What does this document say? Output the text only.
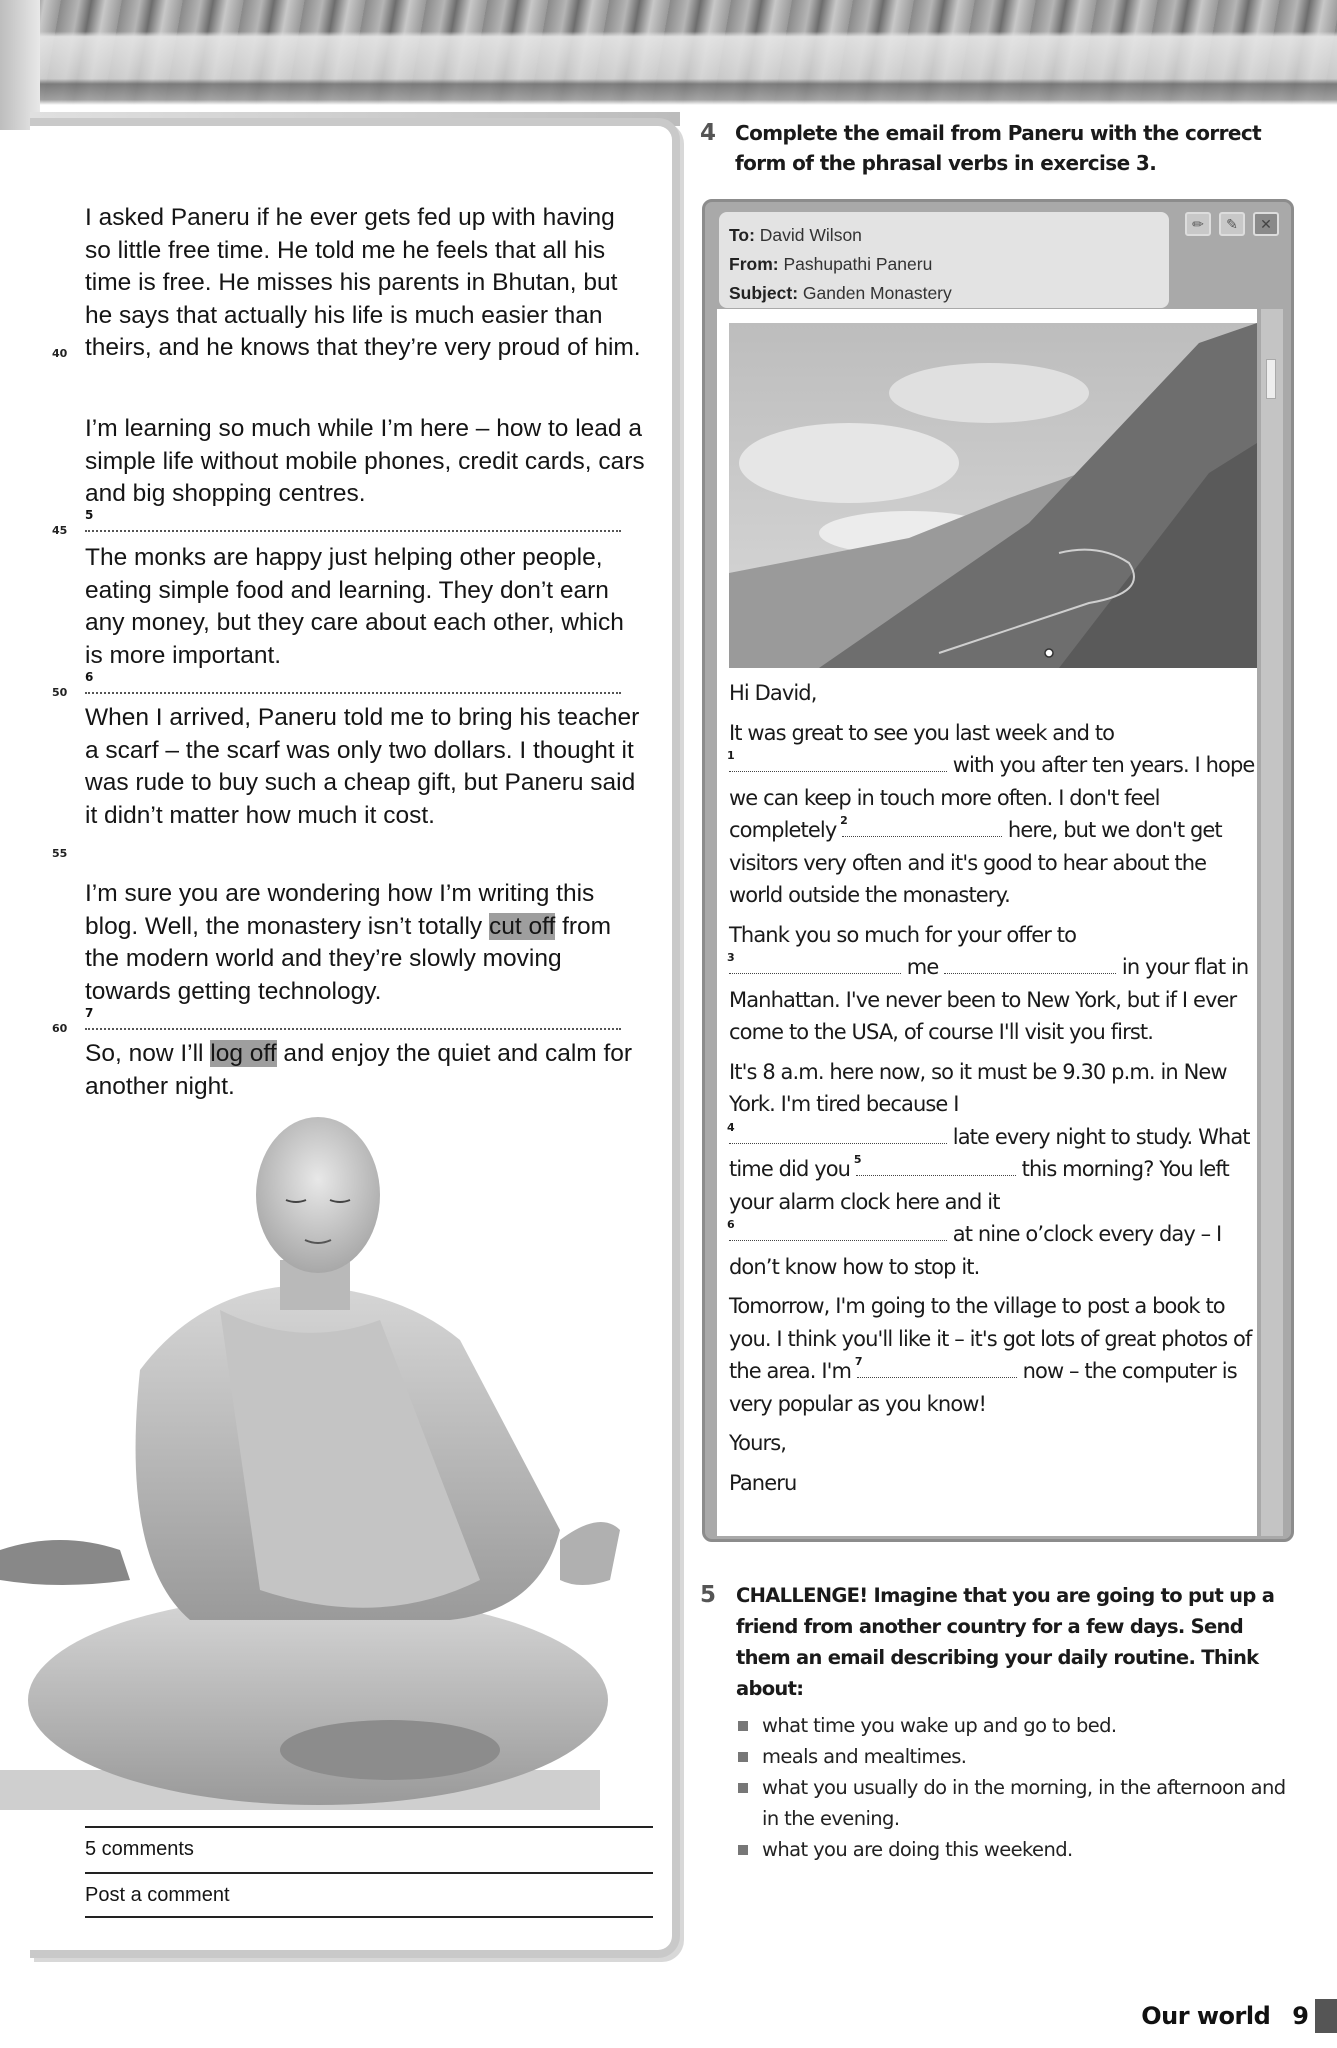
I asked Paneru if he ever gets fed up with having so little free time. He told me he feels that all his time is free. He misses his parents in Bhutan, but he says that actually his life is much easier than theirs, and he knows that they’re very proud of him.

40

I’m learning so much while I’m here – how to lead a simple life without mobile phones, credit cards, cars and big shopping centres.

45
5

The monks are happy just helping other people, eating simple food and learning. They don’t earn any money, but they care about each other, which is more important.

50
6

When I arrived, Paneru told me to bring his teacher a scarf – the scarf was only two dollars. I thought it was rude to buy such a cheap gift, but Paneru said it didn’t matter how much it cost.

55

I’m sure you are wondering how I’m writing this blog. Well, the monastery isn’t totally cut off from the modern world and they’re slowly moving towards getting technology.

60
7

So, now I’ll log off and enjoy the quiet and calm for another night.

5 comments
Post a comment
4 Complete the email from Paneru with the correct form of the phrasal verbs in exercise 3.
To: David Wilson
From: Pashupathi Paneru
Subject: Ganden Monastery
✏ ✎ ✕

Hi David,

It was great to see you last week and to

1	with you after ten years. I hope we can keep in touch more often. I don't feel completely 2	here, but we don't get visitors very often and it's good to hear about the world outside the monastery.

Thank you so much for your offer to

3	me	in your flat in Manhattan. I've never been to New York, but if I ever come to the USA, of course I'll visit you first.

It's 8 a.m. here now, so it must be 9.30 p.m. in New York. I'm tired because I

4	late every night to study. What time did you 5	this morning? You left your alarm clock here and it

6	at nine o’clock every day – I don’t know how to stop it.

Tomorrow, I'm going to the village to post a book to you. I think you'll like it – it's got lots of great photos of the area. I'm 7	now – the computer is very popular as you know!

Yours,

Paneru

5 CHALLENGE! Imagine that you are going to put up a friend from another country for a few days. Send them an email describing your daily routine. Think about:
what time you wake up and go to bed.
meals and mealtimes.
what you usually do in the morning, in the afternoon and in the evening.
what you are doing this weekend.
Our world 9
